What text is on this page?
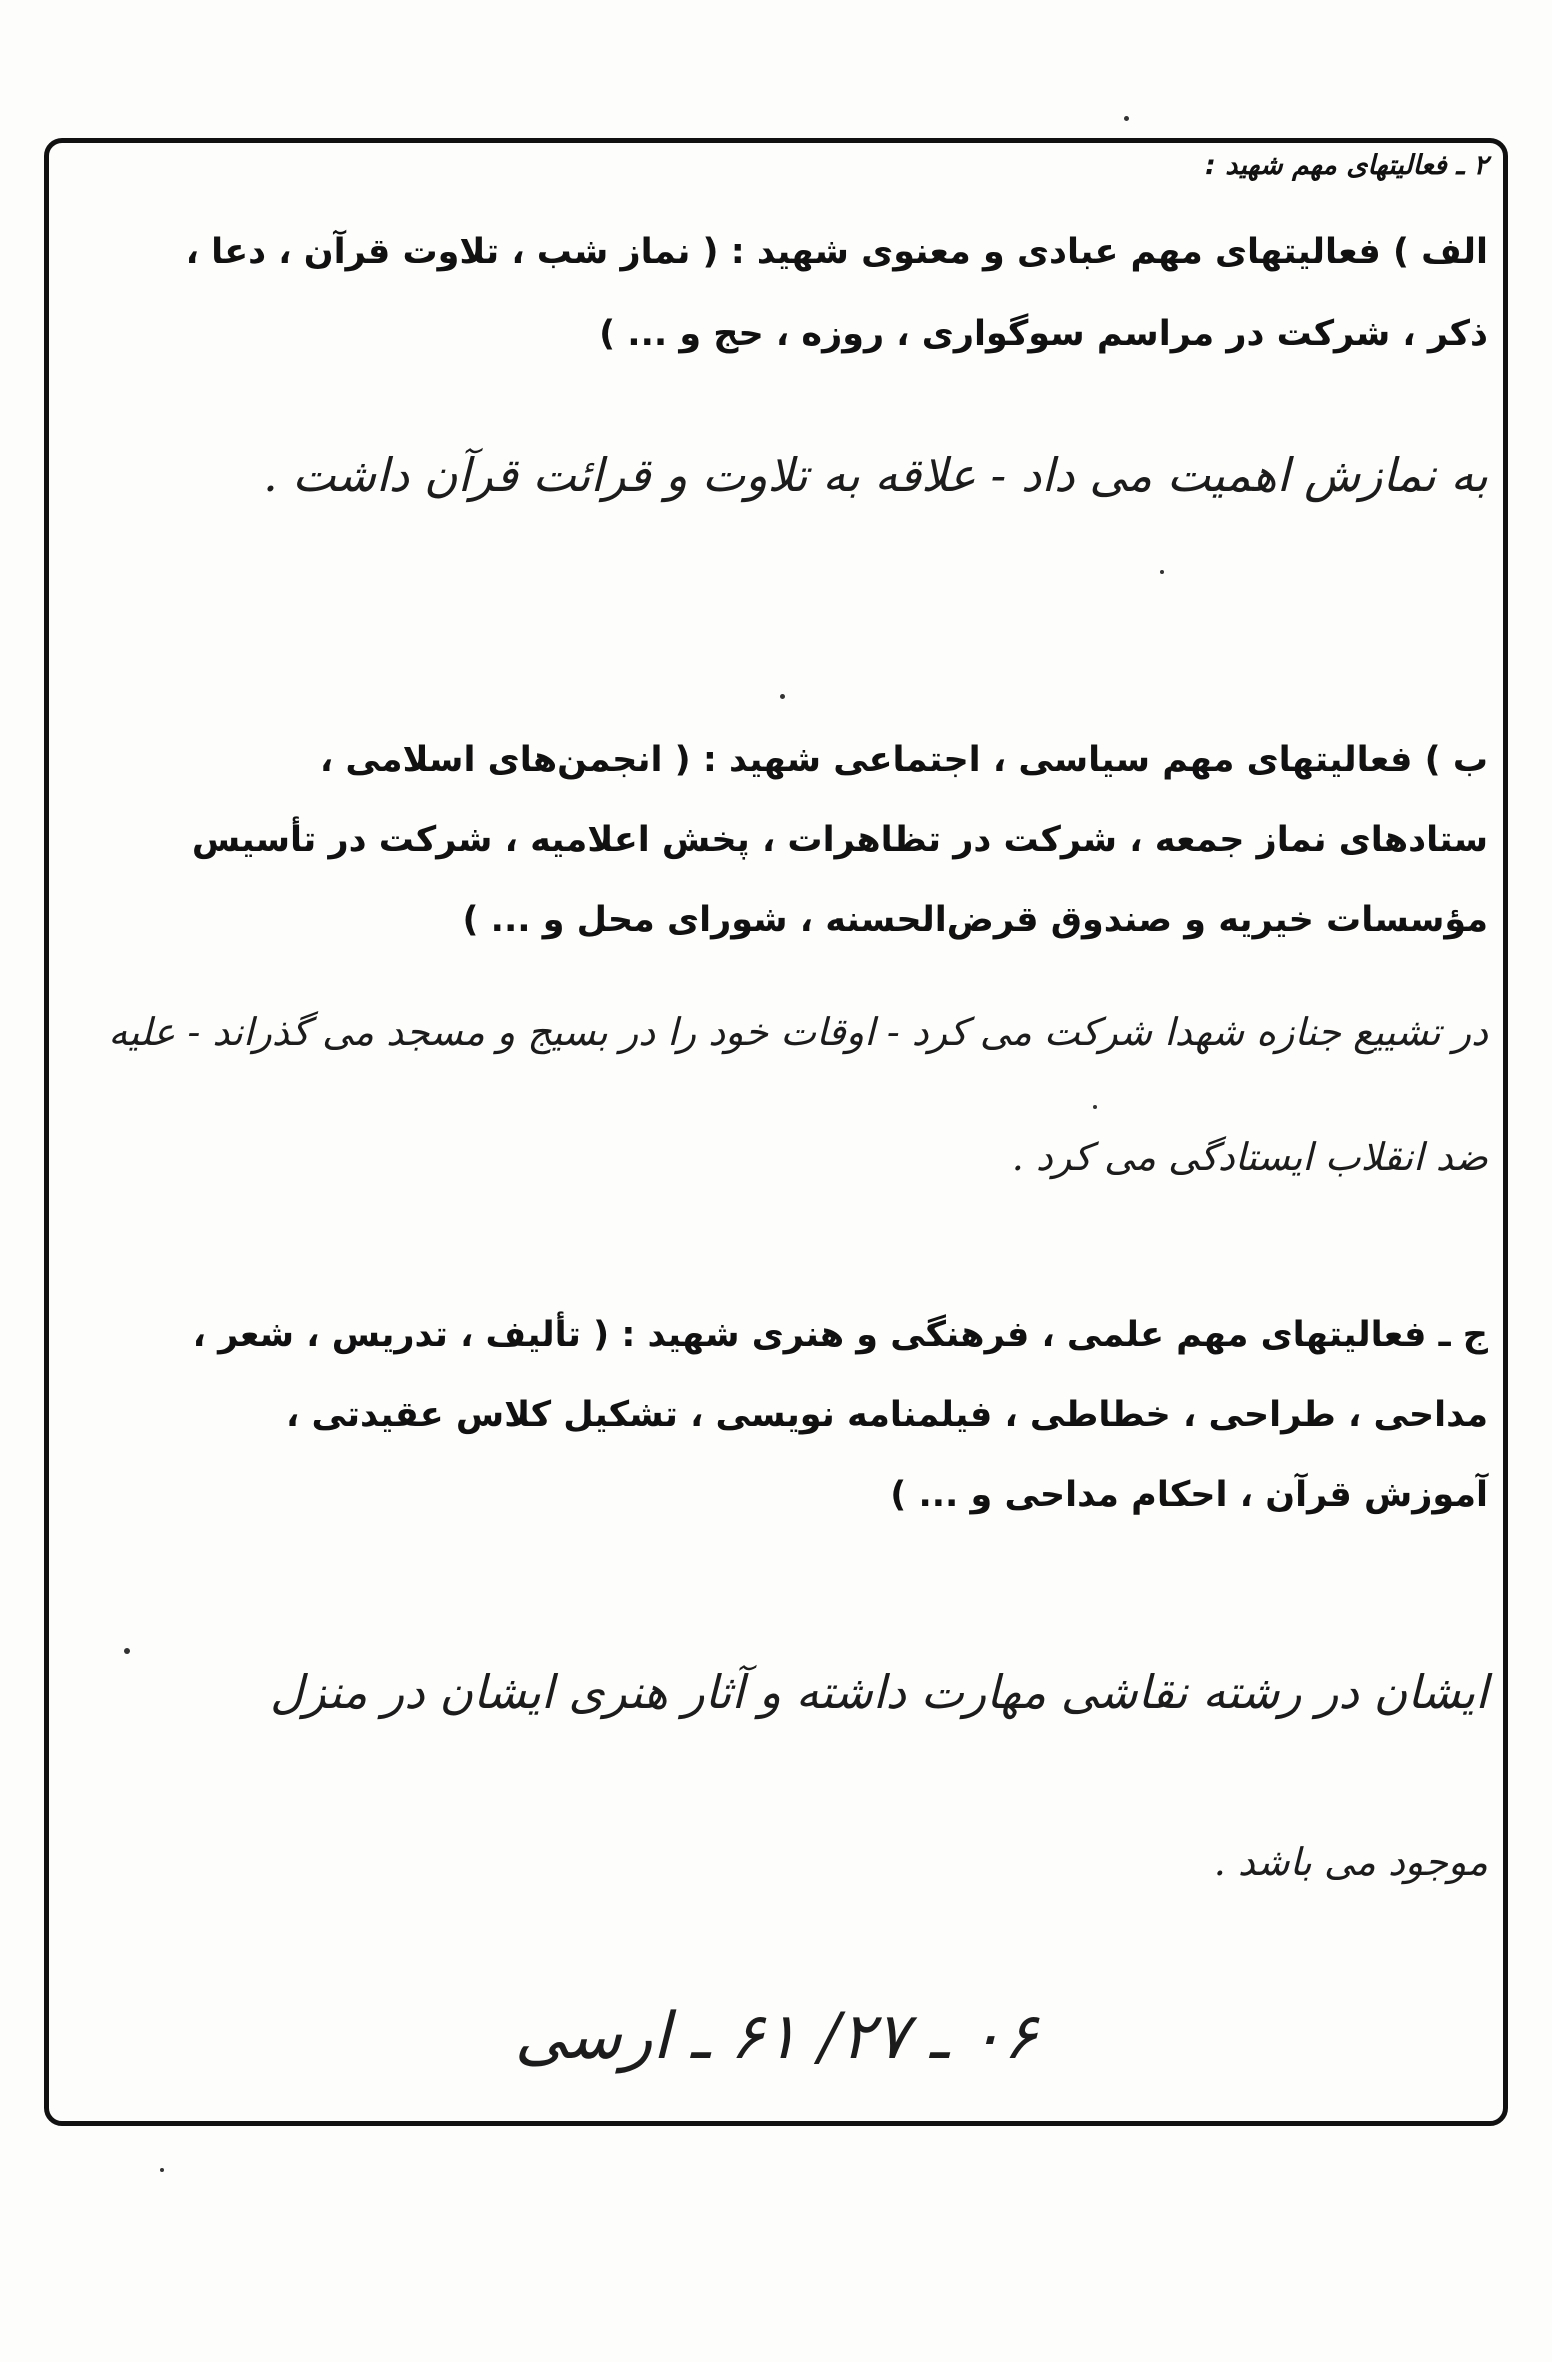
۲ ـ فعالیتهای مهم شهید :
الف ) فعالیتهای مهم عبادی و معنوی شهید : ( نماز شب ، تلاوت قرآن ، دعا ،
ذکر ، شرکت در مراسم سوگواری ، روزه ، حج و ... )
به نمازش اهمیت می داد - علاقه به تلاوت و قرائت قرآن داشت .
ب ) فعالیتهای مهم سیاسی ، اجتماعی شهید : ( انجمن‌های اسلامی ،
ستادهای نماز جمعه ، شرکت در تظاهرات ، پخش اعلامیه ، شرکت در تأسیس
مؤسسات خیریه و صندوق قرض‌الحسنه ، شورای محل و ... )
در تشییع جنازه شهدا شرکت می کرد - اوقات خود را در بسیج و مسجد می گذراند - علیه
ضد انقلاب ایستادگی می کرد .
ج ـ فعالیتهای مهم علمی ، فرهنگی و هنری شهید : ( تألیف ، تدریس ، شعر ،
مداحی ، طراحی ، خطاطی ، فیلمنامه نویسی ، تشکیل کلاس عقیدتی ،
آموزش قرآن ، احکام مداحی و ... )
ایشان در رشته نقاشی مهارت داشته و آثار هنری ایشان در منزل
موجود می باشد .
۰۶ ـ ۲۷/ ۶۱ ـ ارسی
